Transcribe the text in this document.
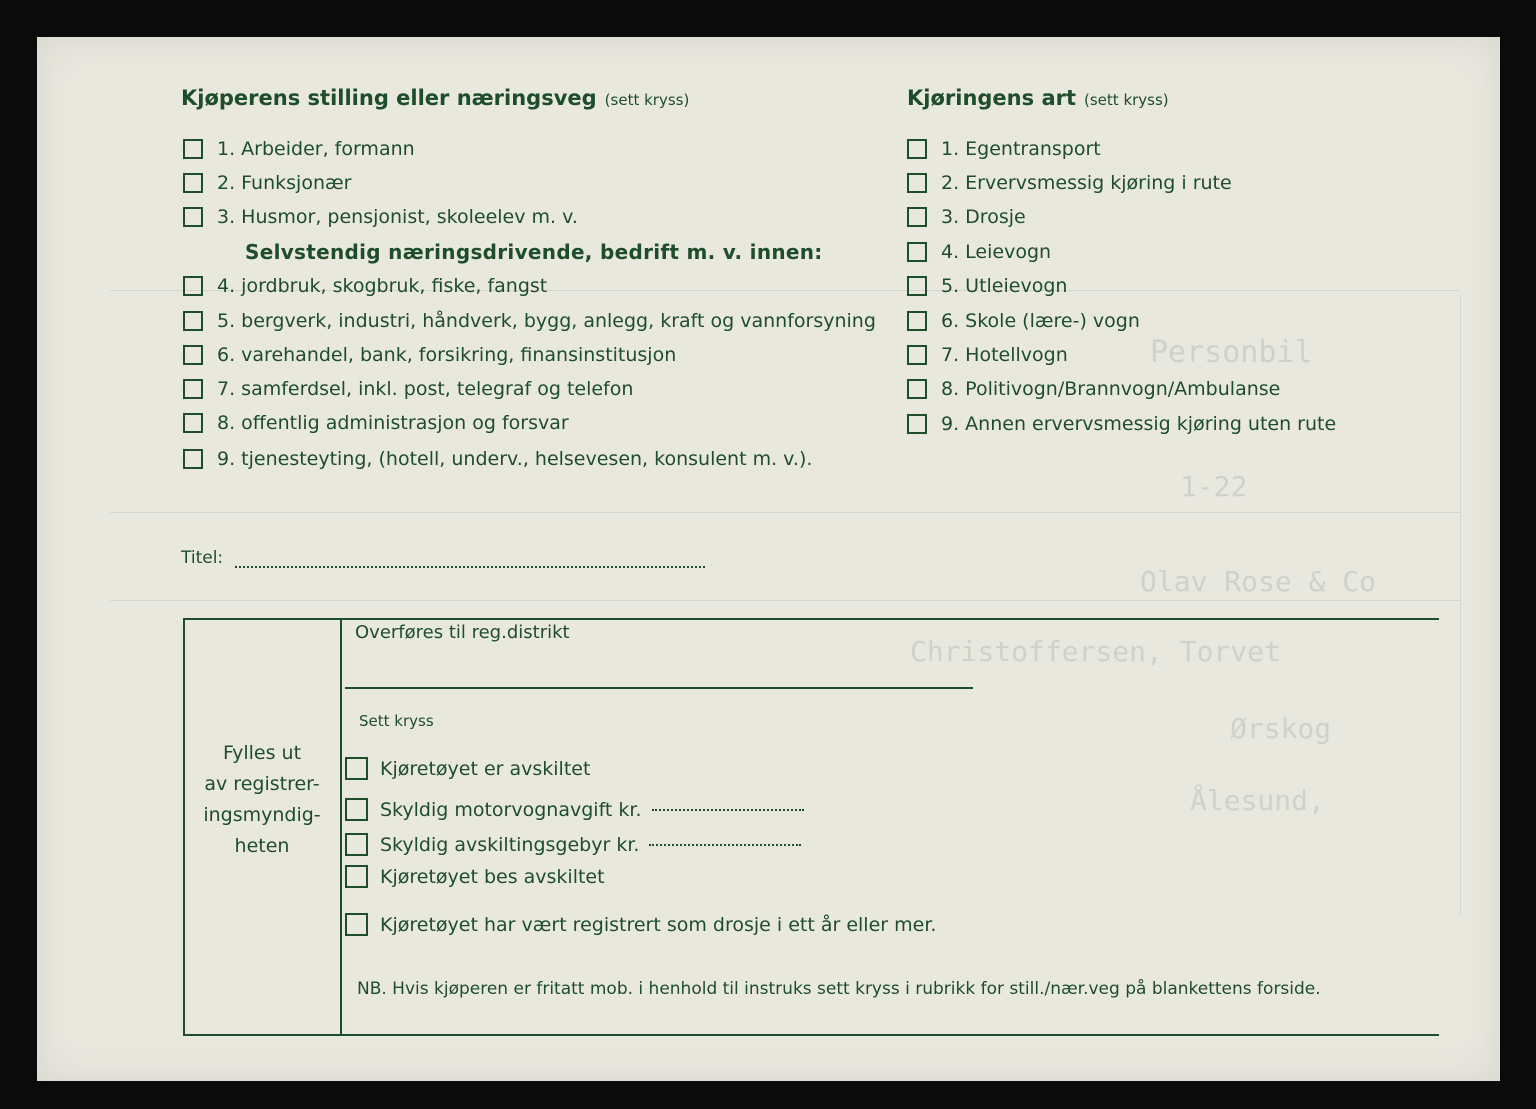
Personbil
1-22
Olav Rose & Co
Christoffersen, Torvet
Ørskog
Ålesund,
Kjøperens stilling eller næringsveg (sett kryss)
1. Arbeider, formann
2. Funksjonær
3. Husmor, pensjonist, skoleelev m. v.
Selvstendig næringsdrivende, bedrift m. v. innen:
4. jordbruk, skogbruk, fiske, fangst
5. bergverk, industri, håndverk, bygg, anlegg, kraft og vannforsyning
6. varehandel, bank, forsikring, finansinstitusjon
7. samferdsel, inkl. post, telegraf og telefon
8. offentlig administrasjon og forsvar
9. tjenesteyting, (hotell, underv., helsevesen, konsulent m. v.).
Titel:
Kjøringens art (sett kryss)
1. Egentransport
2. Ervervsmessig kjøring i rute
3. Drosje
4. Leievogn
5. Utleievogn
6. Skole (lære-) vogn
7. Hotellvogn
8. Politivogn/Brannvogn/Ambulanse
9. Annen ervervsmessig kjøring uten rute
Fylles ut
av registrer-
ingsmyndig-
heten
Overføres til reg.distrikt
Sett kryss
Kjøretøyet er avskiltet
Skyldig motorvognavgift kr.
Skyldig avskiltingsgebyr kr.
Kjøretøyet bes avskiltet
Kjøretøyet har vært registrert som drosje i ett år eller mer.
NB. Hvis kjøperen er fritatt mob. i henhold til instruks sett kryss i rubrikk for still./nær.veg på blankettens forside.
